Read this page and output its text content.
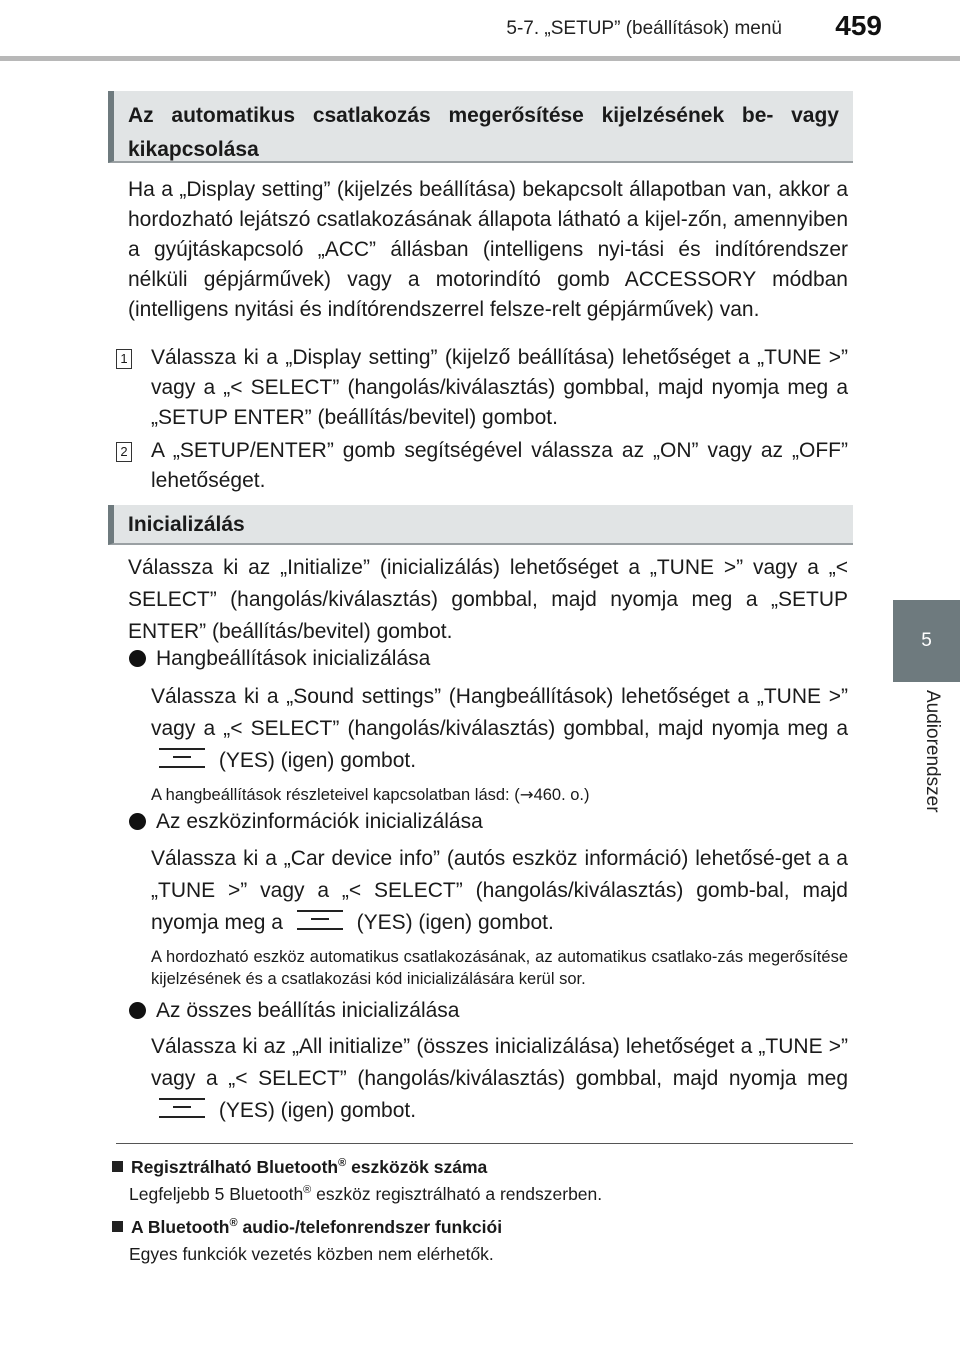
5-7. „SETUP” (beállítások) menü 459
5
Audiorendszer
Az automatikus csatlakozás megerősítése kijelzésének be- vagy kikapcsolása
Ha a „Display setting” (kijelzés beállítása) bekapcsolt állapotban van, akkor a hordozható lejátszó csatlakozásának állapota látható a kijel-zőn, amennyiben a gyújtáskapcsoló „ACC” állásban (intelligens nyi-tási és indítórendszer nélküli gépjárművek) vagy a motorindító gomb ACCESSORY módban (intelligens nyitási és indítórendszerrel felsze-relt gépjárművek) van.
1 Válassza ki a „Display setting” (kijelző beállítása) lehetőséget a „TUNE >” vagy a „< SELECT” (hangolás/kiválasztás) gombbal, majd nyomja meg a „SETUP ENTER” (beállítás/bevitel) gombot.
2 A „SETUP/ENTER” gomb segítségével válassza az „ON” vagy az „OFF” lehetőséget.
Inicializálás
Válassza ki az „Initialize” (inicializálás) lehetőséget a „TUNE >” vagy a „< SELECT” (hangolás/kiválasztás) gombbal, majd nyomja meg a „SETUP ENTER” (beállítás/bevitel) gombot.
Hangbeállítások inicializálása
Válassza ki a „Sound settings” (Hangbeállítások) lehetőséget a „TUNE >” vagy a „< SELECT” (hangolás/kiválasztás) gombbal, majd nyomja meg a  (YES) (igen) gombot.
A hangbeállítások részleteivel kapcsolatban lásd: (→460. o.)
Az eszközinformációk inicializálása
Válassza ki a „Car device info” (autós eszköz információ) lehetősé-get a a „TUNE >” vagy a „< SELECT” (hangolás/kiválasztás) gomb-bal, majd nyomja meg a	(YES) (igen) gombot.
A hordozható eszköz automatikus csatlakozásának, az automatikus csatlako-zás megerősítése kijelzésének és a csatlakozási kód inicializálására kerül sor.
Az összes beállítás inicializálása
Válassza ki az „All initialize” (összes inicializálása) lehetőséget a „TUNE >” vagy a „< SELECT” (hangolás/kiválasztás) gombbal, majd nyomja meg  (YES) (igen) gombot.
Regisztrálható Bluetooth® eszközök száma
Legfeljebb 5 Bluetooth® eszköz regisztrálható a rendszerben.
A Bluetooth® audio-/telefonrendszer funkciói
Egyes funkciók vezetés közben nem elérhetők.
